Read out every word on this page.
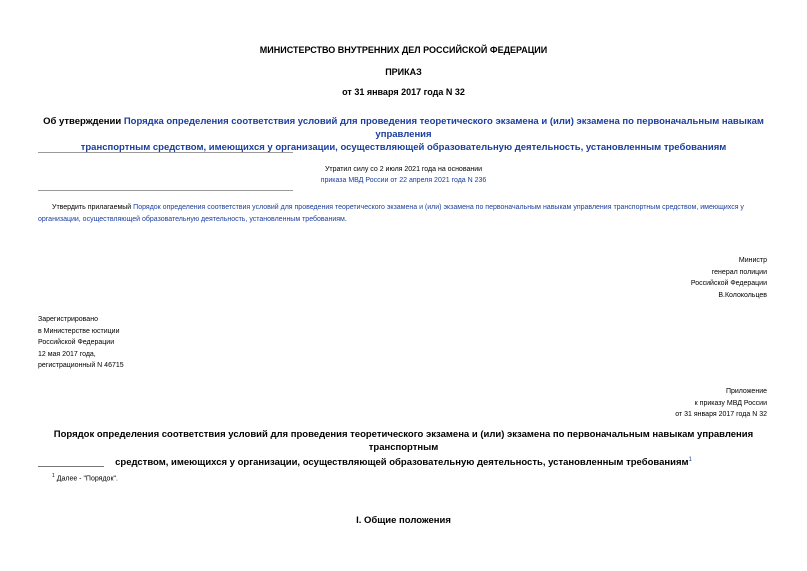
МИНИСТЕРСТВО ВНУТРЕННИХ ДЕЛ РОССИЙСКОЙ ФЕДЕРАЦИИ
ПРИКАЗ
от 31 января 2017 года N 32
Об утверждении Порядка определения соответствия условий для проведения теоретического экзамена и (или) экзамена по первоначальным навыкам управления
транспортным средством, имеющихся у организации, осуществляющей образовательную деятельность, установленным требованиям
Утратил силу со 2 июля 2021 года на основании
приказа МВД России от 22 апреля 2021 года N 236
Утвердить прилагаемый Порядок определения соответствия условий для проведения теоретического экзамена и (или) экзамена по первоначальным навыкам управления транспортным средством, имеющихся у организации, осуществляющей образовательную деятельность, установленным требованиям.
Министр
генерал полиции
Российской Федерации
В.Колокольцев
Зарегистрировано
в Министерстве юстиции
Российской Федерации
12 мая 2017 года,
регистрационный N 46715
Приложение
к приказу МВД России
от 31 января 2017 года N 32
Порядок определения соответствия условий для проведения теоретического экзамена и (или) экзамена по первоначальным навыкам управления транспортным
средством, имеющихся у организации, осуществляющей образовательную деятельность, установленным требованиям$^1$
$^1$ Далее - "Порядок".
I. Общие положения
